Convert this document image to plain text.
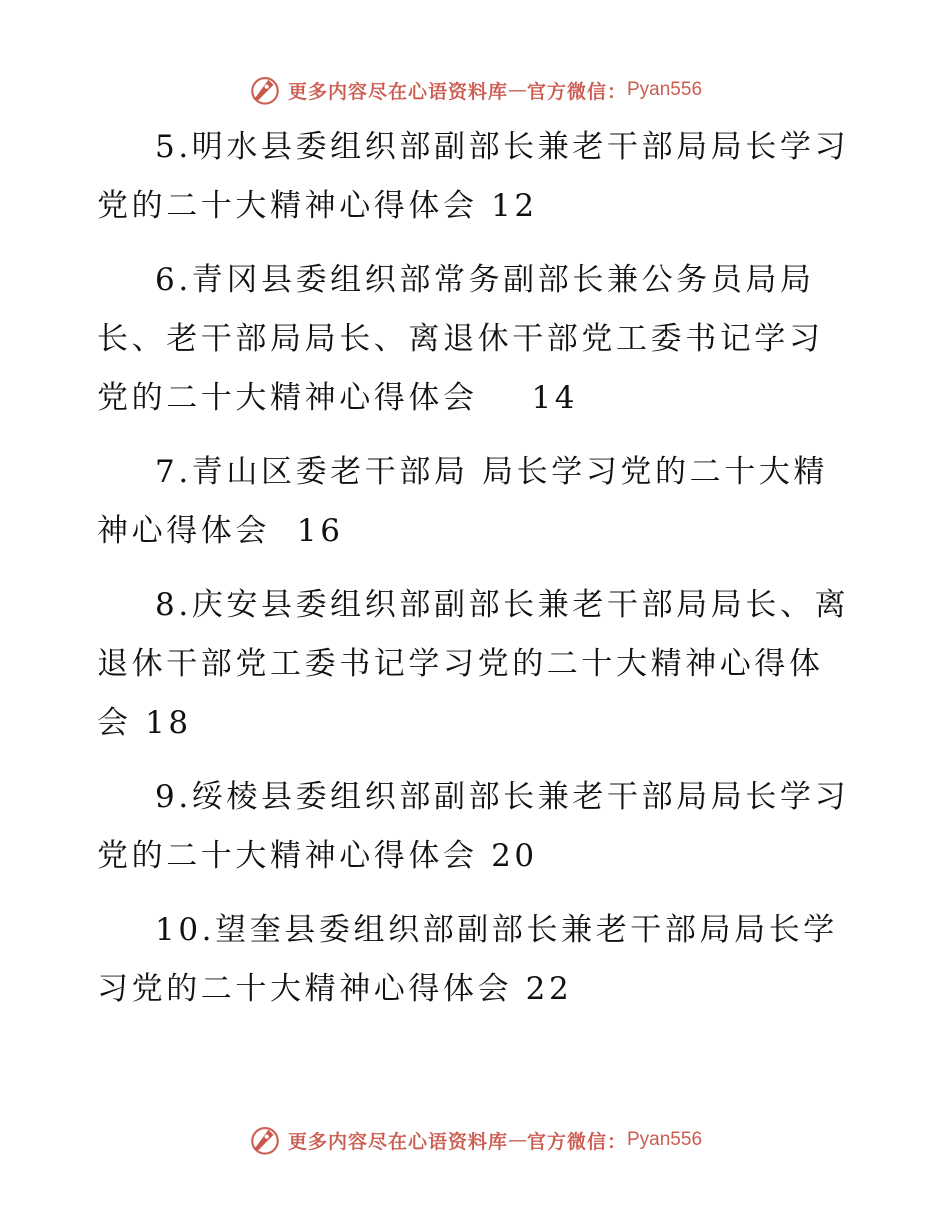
更多内容尽在心语资料库 — 官方微信： Pyan556

5.明水县委组织部副部长兼老干部局局长学习党的二十大精神心得体会 12

6.青冈县委组织部常务副部长兼公务员局局长、老干部局局长、离退休干部党工委书记学习党的二十大精神心得体会 14

7.青山区委老干部局 局长学习党的二十大精神心得体会 16

8.庆安县委组织部副部长兼老干部局局长、离退休干部党工委书记学习党的二十大精神心得体会 18

9.绥棱县委组织部副部长兼老干部局局长学习党的二十大精神心得体会 20

10.望奎县委组织部副部长兼老干部局局长学习党的二十大精神心得体会 22

更多内容尽在心语资料库 — 官方微信： Pyan556
